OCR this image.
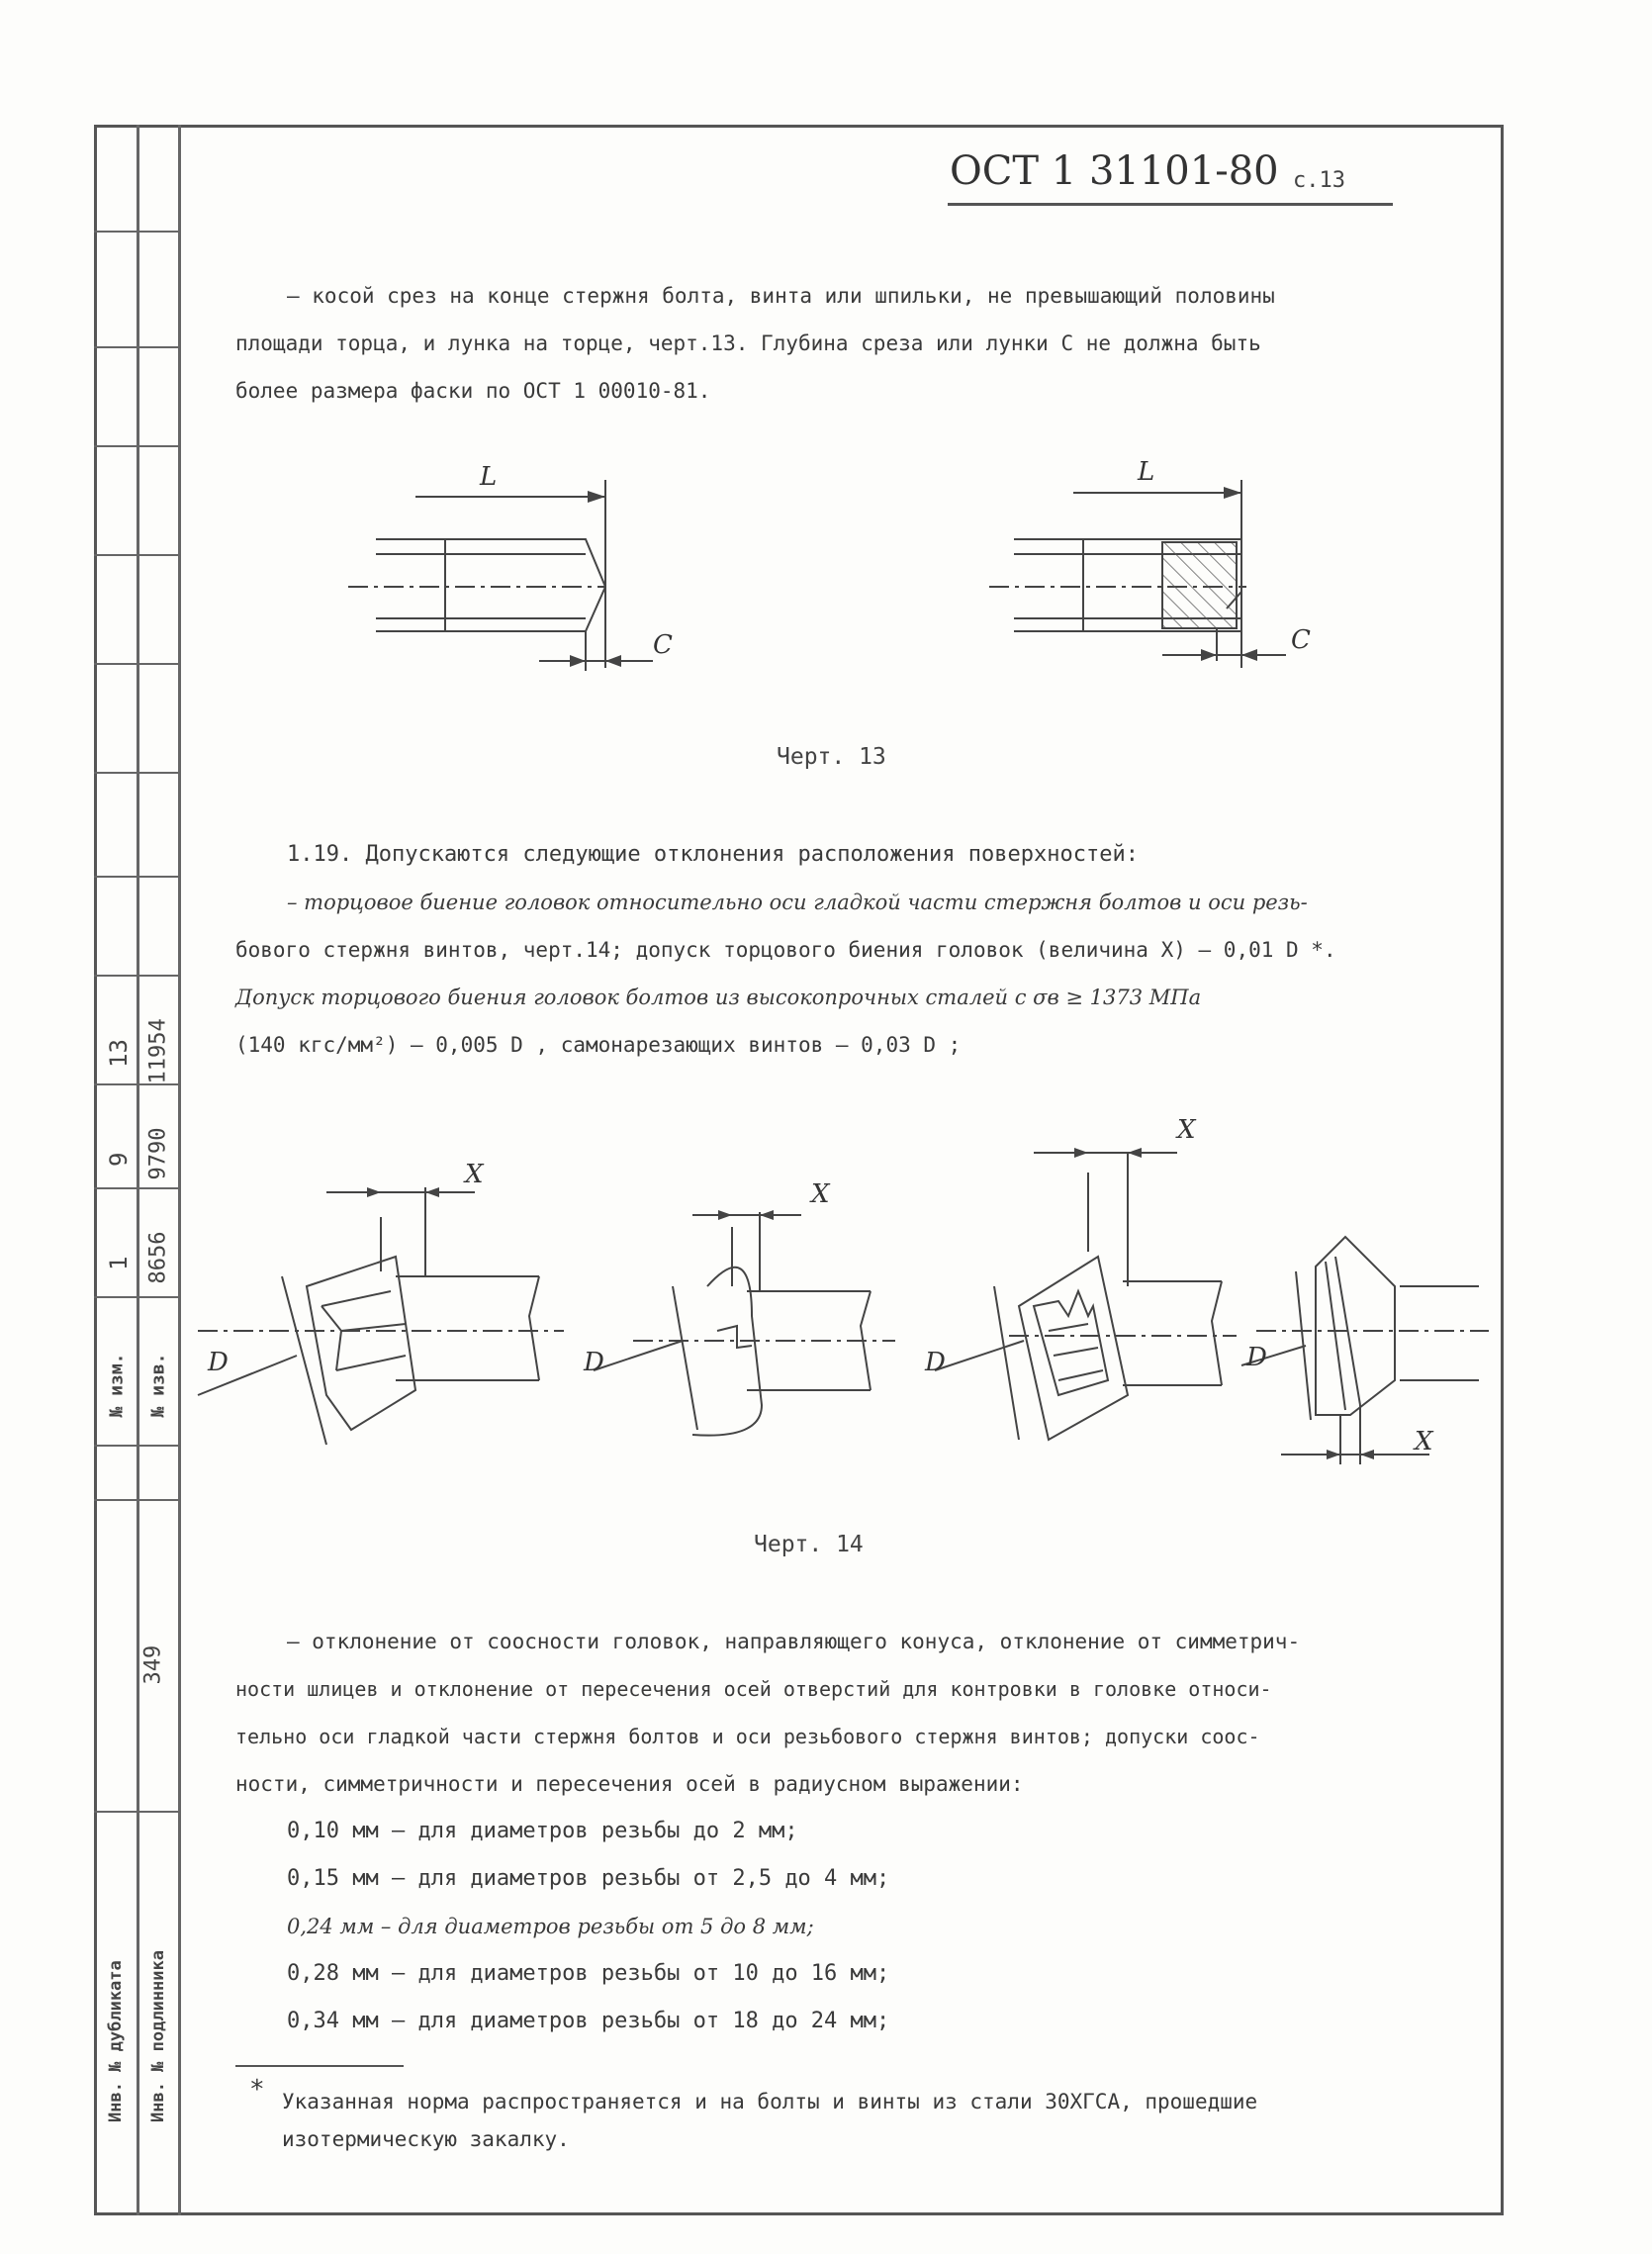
№ изм. № изв.
1
9
13
8656
9790
11954
349
Инв. № дубликата Инв. № подлинника
ОСТ 1 31101-80 с.13
– косой срез на конце стержня болта, винта или шпильки, не превышающий половины
площади торца, и лунка на торце, черт.13. Глубина среза или лунки С не должна быть
более размера фаски по ОСТ 1 00010-81.
L
C
L
C
Черт. 13
1.19. Допускаются следующие отклонения расположения поверхностей:
– торцовое биение головок относительно оси гладкой части стержня болтов и оси резь-
бового стержня винтов, черт.14; допуск торцового биения головок (величина X) – 0,01 D *.
Допуск торцового биения головок болтов из высокопрочных сталей с σв ≥ 1373 МПа
(140 кгс/мм²) – 0,005 D , самонарезающих винтов – 0,03 D ;
X
X
X
X
D	D	D	D
Черт. 14
– отклонение от соосности головок, направляющего конуса, отклонение от симметрич-
ности шлицев и отклонение от пересечения осей отверстий для контровки в головке относи-
тельно оси гладкой части стержня болтов и оси резьбового стержня винтов; допуски соос-
ности, симметричности и пересечения осей в радиусном выражении:
0,10 мм – для диаметров резьбы до 2 мм;
0,15 мм – для диаметров резьбы от 2,5 до 4 мм;
0,24 мм – для диаметров резьбы от 5 до 8 мм;
0,28 мм – для диаметров резьбы от 10 до 16 мм;
0,34 мм – для диаметров резьбы от 18 до 24 мм;
* Указанная норма распространяется и на болты и винты из стали 30ХГСА, прошедшие
изотермическую закалку.
